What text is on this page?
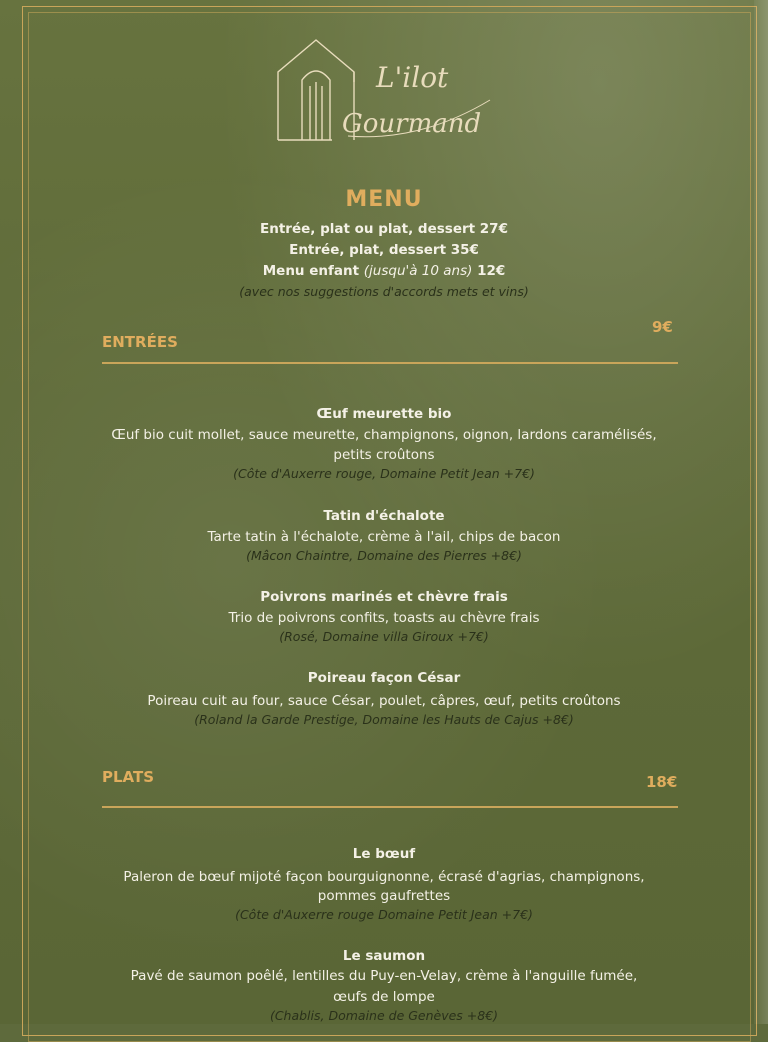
L'ilot
Gourmand
MENU
Entrée, plat ou plat, dessert 27€
Entrée, plat, dessert 35€
Menu enfant (jusqu'à 10 ans) 12€
(avec nos suggestions d'accords mets et vins)
ENTRÉES
9€
Œuf meurette bio
Œuf bio cuit mollet, sauce meurette, champignons, oignon, lardons caramélisés,
petits croûtons
(Côte d'Auxerre rouge, Domaine Petit Jean +7€)
Tatin d'échalote
Tarte tatin à l'échalote, crème à l'ail, chips de bacon
(Mâcon Chaintre, Domaine des Pierres +8€)
Poivrons marinés et chèvre frais
Trio de poivrons confits, toasts au chèvre frais
(Rosé, Domaine villa Giroux +7€)
Poireau façon César
Poireau cuit au four, sauce César, poulet, câpres, œuf, petits croûtons
(Roland la Garde Prestige, Domaine les Hauts de Cajus +8€)
PLATS	18€
Le bœuf
Paleron de bœuf mijoté façon bourguignonne, écrasé d'agrias, champignons,
pommes gaufrettes
(Côte d'Auxerre rouge Domaine Petit Jean +7€)
Le saumon
Pavé de saumon poêlé, lentilles du Puy-en-Velay, crème à l'anguille fumée,
œufs de lompe
(Chablis, Domaine de Genèves +8€)
